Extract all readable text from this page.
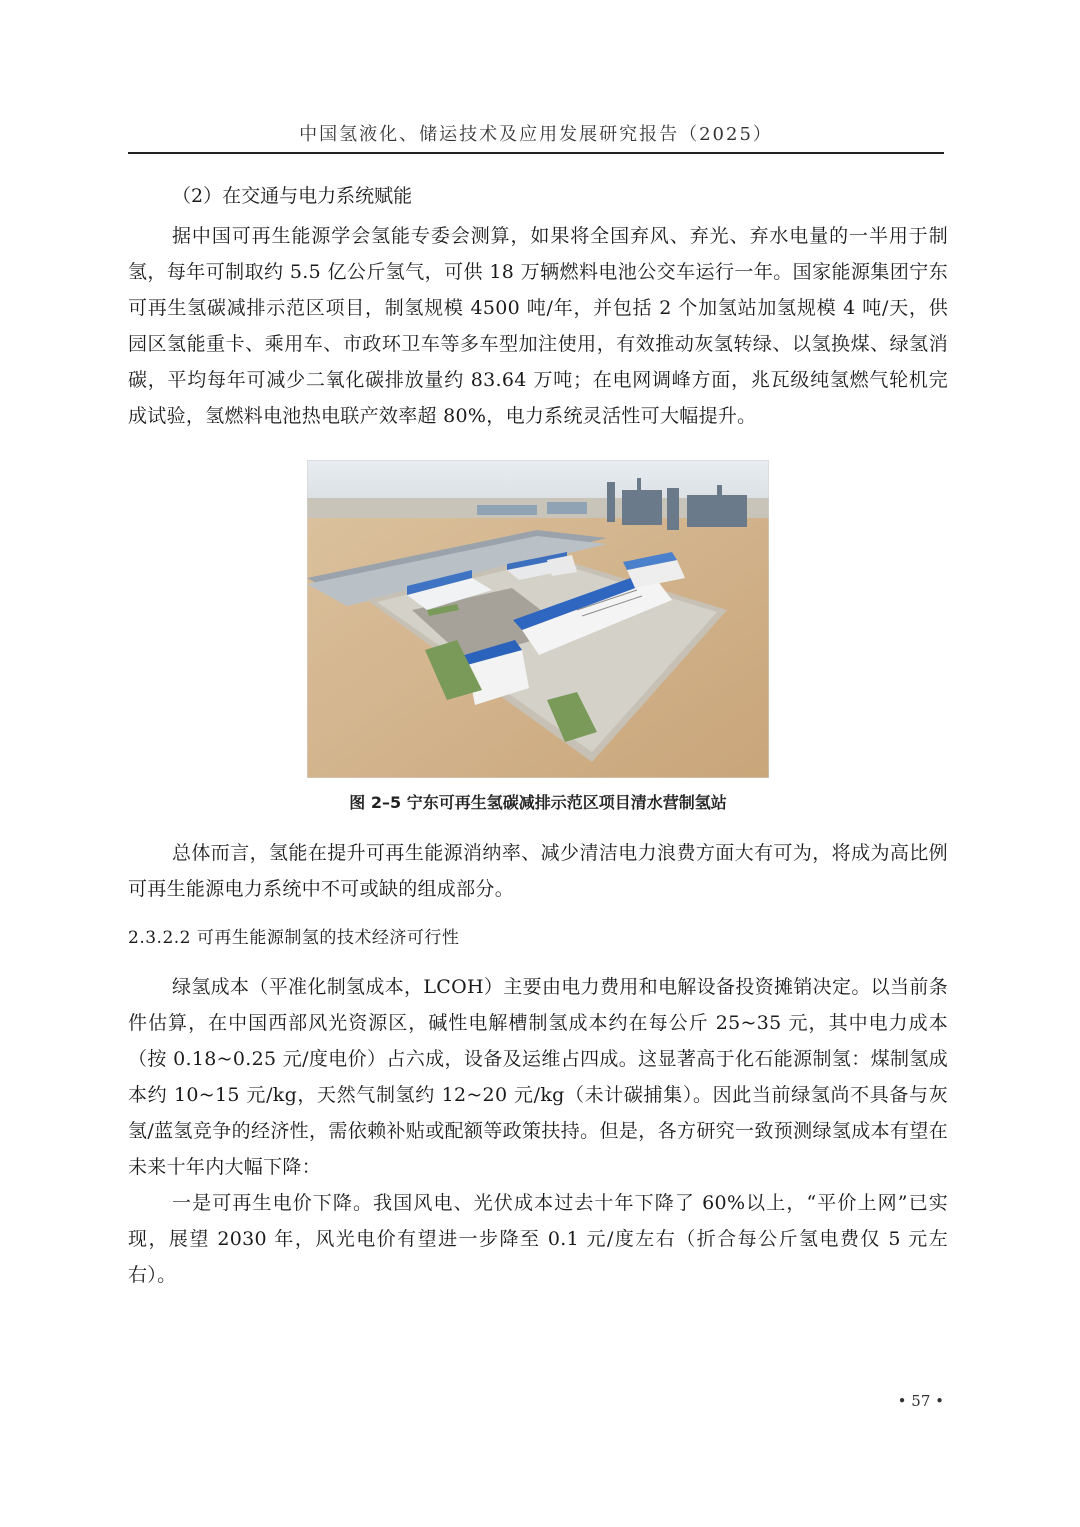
中国氢液化、储运技术及应用发展研究报告（2025）
（2）在交通与电力系统赋能

据中国可再生能源学会氢能专委会测算，如果将全国弃风、弃光、弃水电量的一半用于制氢，每年可制取约 5.5 亿公斤氢气，可供 18 万辆燃料电池公交车运行一年。国家能源集团宁东可再生氢碳减排示范区项目，制氢规模 4500 吨/年，并包括 2 个加氢站加氢规模 4 吨/天，供园区氢能重卡、乘用车、市政环卫车等多车型加注使用，有效推动灰氢转绿、以氢换煤、绿氢消碳，平均每年可减少二氧化碳排放量约 83.64 万吨；在电网调峰方面，兆瓦级纯氢燃气轮机完成试验，氢燃料电池热电联产效率超 80%，电力系统灵活性可大幅提升。

图 2–5 宁东可再生氢碳减排示范区项目清水营制氢站

总体而言，氢能在提升可再生能源消纳率、减少清洁电力浪费方面大有可为，将成为高比例可再生能源电力系统中不可或缺的组成部分。

2.3.2.2 可再生能源制氢的技术经济可行性

绿氢成本（平准化制氢成本，LCOH）主要由电力费用和电解设备投资摊销决定。以当前条件估算，在中国西部风光资源区，碱性电解槽制氢成本约在每公斤 25~35 元，其中电力成本（按 0.18~0.25 元/度电价）占六成，设备及运维占四成。这显著高于化石能源制氢：煤制氢成本约 10~15 元/kg，天然气制氢约 12~20 元/kg（未计碳捕集）。因此当前绿氢尚不具备与灰氢/蓝氢竞争的经济性，需依赖补贴或配额等政策扶持。但是，各方研究一致预测绿氢成本有望在未来十年内大幅下降：

一是可再生电价下降。我国风电、光伏成本过去十年下降了 60%以上，“平价上网”已实现，展望 2030 年，风光电价有望进一步降至 0.1 元/度左右（折合每公斤氢电费仅 5 元左右）。

• 57 •
